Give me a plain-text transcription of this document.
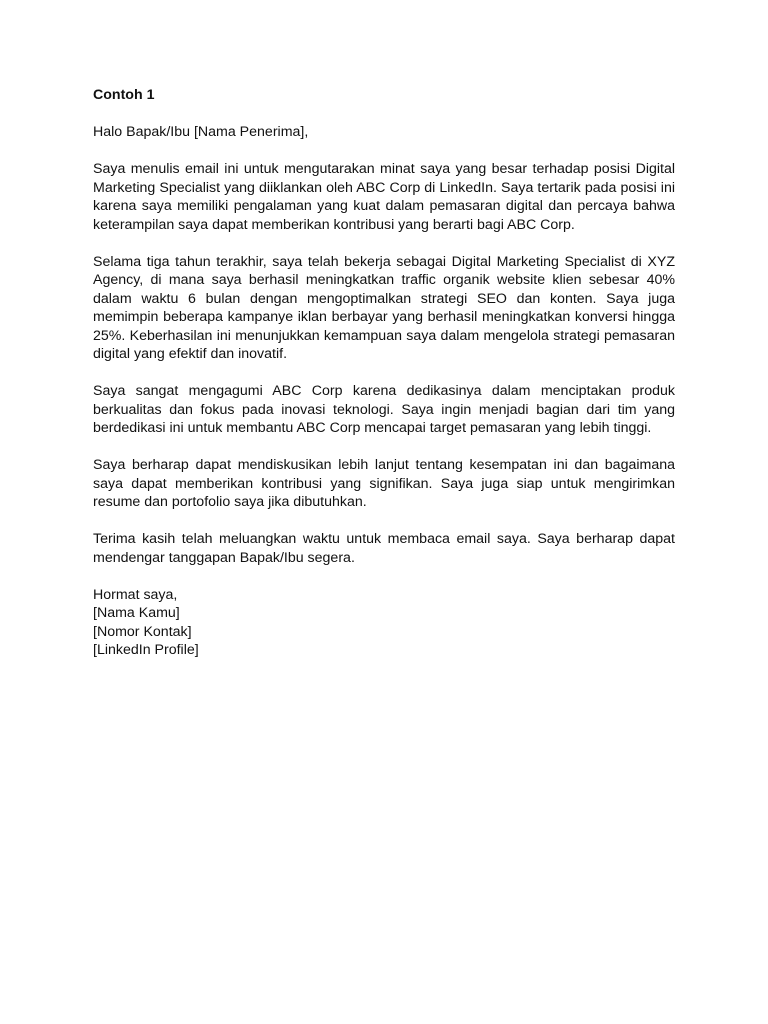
Contoh 1

Halo Bapak/Ibu [Nama Penerima],

Saya menulis email ini untuk mengutarakan minat saya yang besar terhadap posisi Digital Marketing Specialist yang diiklankan oleh ABC Corp di LinkedIn. Saya tertarik pada posisi ini karena saya memiliki pengalaman yang kuat dalam pemasaran digital dan percaya bahwa keterampilan saya dapat memberikan kontribusi yang berarti bagi ABC Corp.

Selama tiga tahun terakhir, saya telah bekerja sebagai Digital Marketing Specialist di XYZ Agency, di mana saya berhasil meningkatkan traffic organik website klien sebesar 40% dalam waktu 6 bulan dengan mengoptimalkan strategi SEO dan konten. Saya juga memimpin beberapa kampanye iklan berbayar yang berhasil meningkatkan konversi hingga 25%. Keberhasilan ini menunjukkan kemampuan saya dalam mengelola strategi pemasaran digital yang efektif dan inovatif.

Saya sangat mengagumi ABC Corp karena dedikasinya dalam menciptakan produk berkualitas dan fokus pada inovasi teknologi. Saya ingin menjadi bagian dari tim yang berdedikasi ini untuk membantu ABC Corp mencapai target pemasaran yang lebih tinggi.

Saya berharap dapat mendiskusikan lebih lanjut tentang kesempatan ini dan bagaimana saya dapat memberikan kontribusi yang signifikan. Saya juga siap untuk mengirimkan resume dan portofolio saya jika dibutuhkan.

Terima kasih telah meluangkan waktu untuk membaca email saya. Saya berharap dapat mendengar tanggapan Bapak/Ibu segera.

Hormat saya,
[Nama Kamu]
[Nomor Kontak]
[LinkedIn Profile]
